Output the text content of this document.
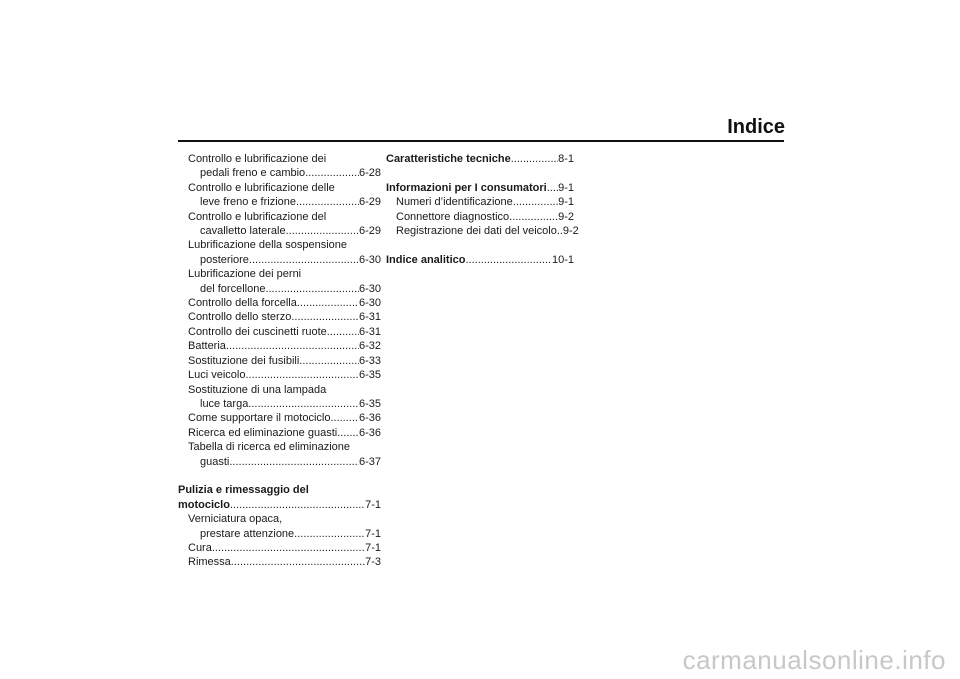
Indice
Controllo e lubrificazione dei
pedali freno e cambio .....	6-28
Controllo e lubrificazione delle
leve freno e frizione .....	6-29
Controllo e lubrificazione del
cavalletto laterale .....	6-29
Lubrificazione della sospensione
posteriore .....	6-30
Lubrificazione dei perni
del forcellone .....	6-30
Controllo della forcella .....	6-30
Controllo dello sterzo .....	6-31
Controllo dei cuscinetti ruote .....	6-31
Batteria .....	6-32
Sostituzione dei fusibili .....	6-33
Luci veicolo .....	6-35
Sostituzione di una lampada
luce targa .....	6-35
Come supportare il motociclo .....	6-36
Ricerca ed eliminazione guasti ..... 6-36
Tabella di ricerca ed eliminazione
guasti .....	6-37
Pulizia e rimessaggio del
motociclo .....	7-1
Verniciatura opaca,
prestare attenzione .....	7-1
Cura .....	7-1
Rimessa .....	7-3
Caratteristiche tecniche .....	8-1
Informazioni per I consumatori ..... 9-1
Numeri d’identificazione .....	9-1
Connettore diagnostico .....	9-2
Registrazione dei dati del veicolo ..... 9-2
Indice analitico .....	10-1
carmanualsonline.info
